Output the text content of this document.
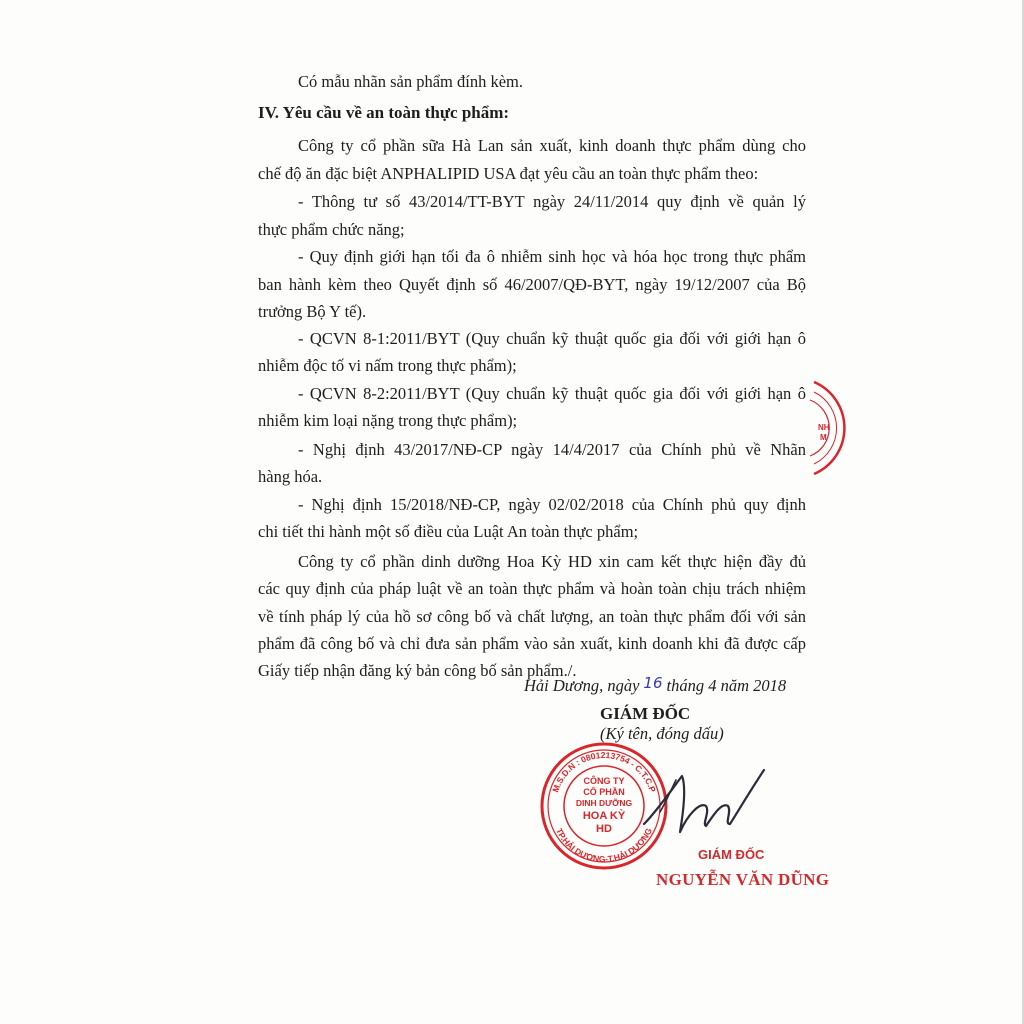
Có mẫu nhãn sản phẩm đính kèm.
IV. Yêu cầu về an toàn thực phẩm:
Công ty cổ phần sữa Hà Lan sản xuất, kinh doanh thực phẩm dùng cho
chế độ ăn đặc biệt ANPHALIPID USA đạt yêu cầu an toàn thực phẩm theo:
- Thông tư số 43/2014/TT-BYT ngày 24/11/2014 quy định về quản lý
thực phẩm chức năng;
- Quy định giới hạn tối đa ô nhiễm sinh học và hóa học trong thực phẩm
ban hành kèm theo Quyết định số 46/2007/QĐ-BYT, ngày 19/12/2007 của Bộ
trưởng Bộ Y tế).
- QCVN 8-1:2011/BYT (Quy chuẩn kỹ thuật quốc gia đối với giới hạn ô
nhiễm độc tố vi nấm trong thực phẩm);
- QCVN 8-2:2011/BYT (Quy chuẩn kỹ thuật quốc gia đối với giới hạn ô
nhiễm kim loại nặng trong thực phẩm);
- Nghị định 43/2017/NĐ-CP ngày 14/4/2017 của Chính phủ về Nhãn
hàng hóa.
- Nghị định 15/2018/NĐ-CP, ngày 02/02/2018 của Chính phủ quy định
chi tiết thi hành một số điều của Luật An toàn thực phẩm;
Công ty cổ phần dinh dưỡng Hoa Kỳ HD xin cam kết thực hiện đầy đủ
các quy định của pháp luật về an toàn thực phẩm và hoàn toàn chịu trách nhiệm
về tính pháp lý của hồ sơ công bố và chất lượng, an toàn thực phẩm đối với sản
phẩm đã công bố và chỉ đưa sản phẩm vào sản xuất, kinh doanh khi đã được cấp
Giấy tiếp nhận đăng ký bản công bố sản phẩm./.
Hải Dương, ngày 16 tháng 4 năm 2018
GIÁM ĐỐC
(Ký tên, đóng dấu)
M.S.D.N : 0801213754 - C.T.C.P
TP.HẢI DƯƠNG-T.HẢI DƯƠNG
CÔNG TY
CỔ PHẦN
DINH DƯỠNG
HOA KỲ
HD
GIÁM ĐỐC
NGUYỄN VĂN DŨNG
NH
M
